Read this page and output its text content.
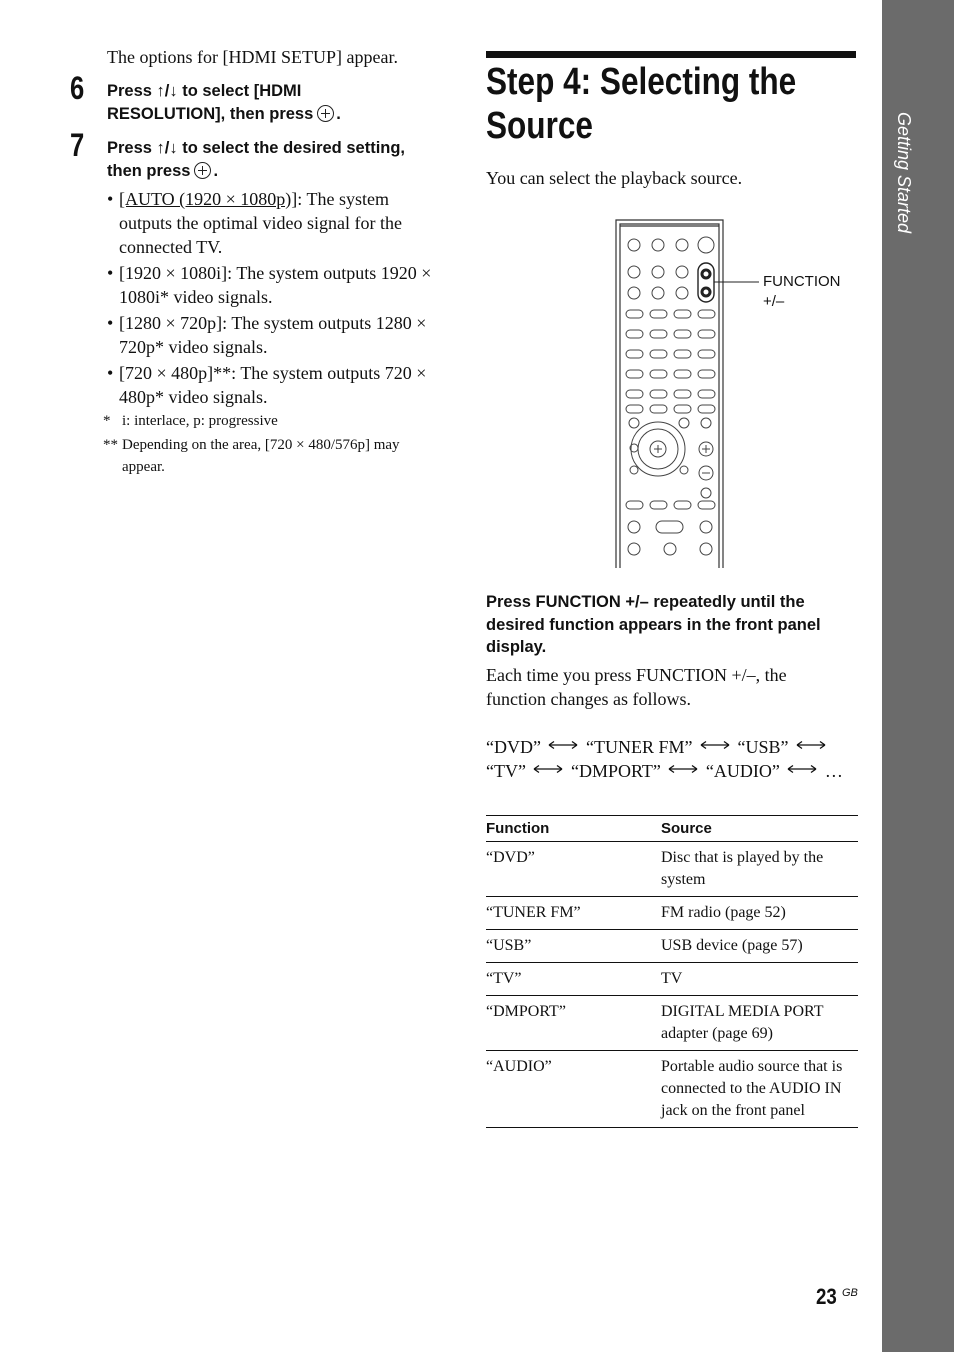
Getting Started
The options for [HDMI SETUP] appear.
6 Press ↑/↓ to select [HDMI
RESOLUTION], then press .
7 Press ↑/↓ to select the desired setting,
then press .
• [AUTO (1920 × 1080p)]: The system outputs the optimal video signal for the connected TV.
• [1920 × 1080i]: The system outputs 1920 × 1080i* video signals.
• [1280 × 720p]: The system outputs 1280 × 720p* video signals.
• [720 × 480p]**: The system outputs 720 × 480p* video signals.
* i: interlace, p: progressive
** Depending on the area, [720 × 480/576p] may appear.
Step 4: Selecting the
Source
You can select the playback source.
FUNCTION
+/–
Press FUNCTION +/– repeatedly until the desired function appears in the front panel display.
Each time you press FUNCTION +/–, the function changes as follows.
“DVD”	“TUNER FM”	“USB”
“TV”	“DMPORT”	“AUDIO”	…
Function	Source
“DVD”	Disc that is played by the system
“TUNER FM”	FM radio (page 52)
“USB”	USB device (page 57)
“TV”	TV
“DMPORT”	DIGITAL MEDIA PORT adapter (page 69)
“AUDIO”	Portable audio source that is connected to the AUDIO IN jack on the front panel
23 GB
